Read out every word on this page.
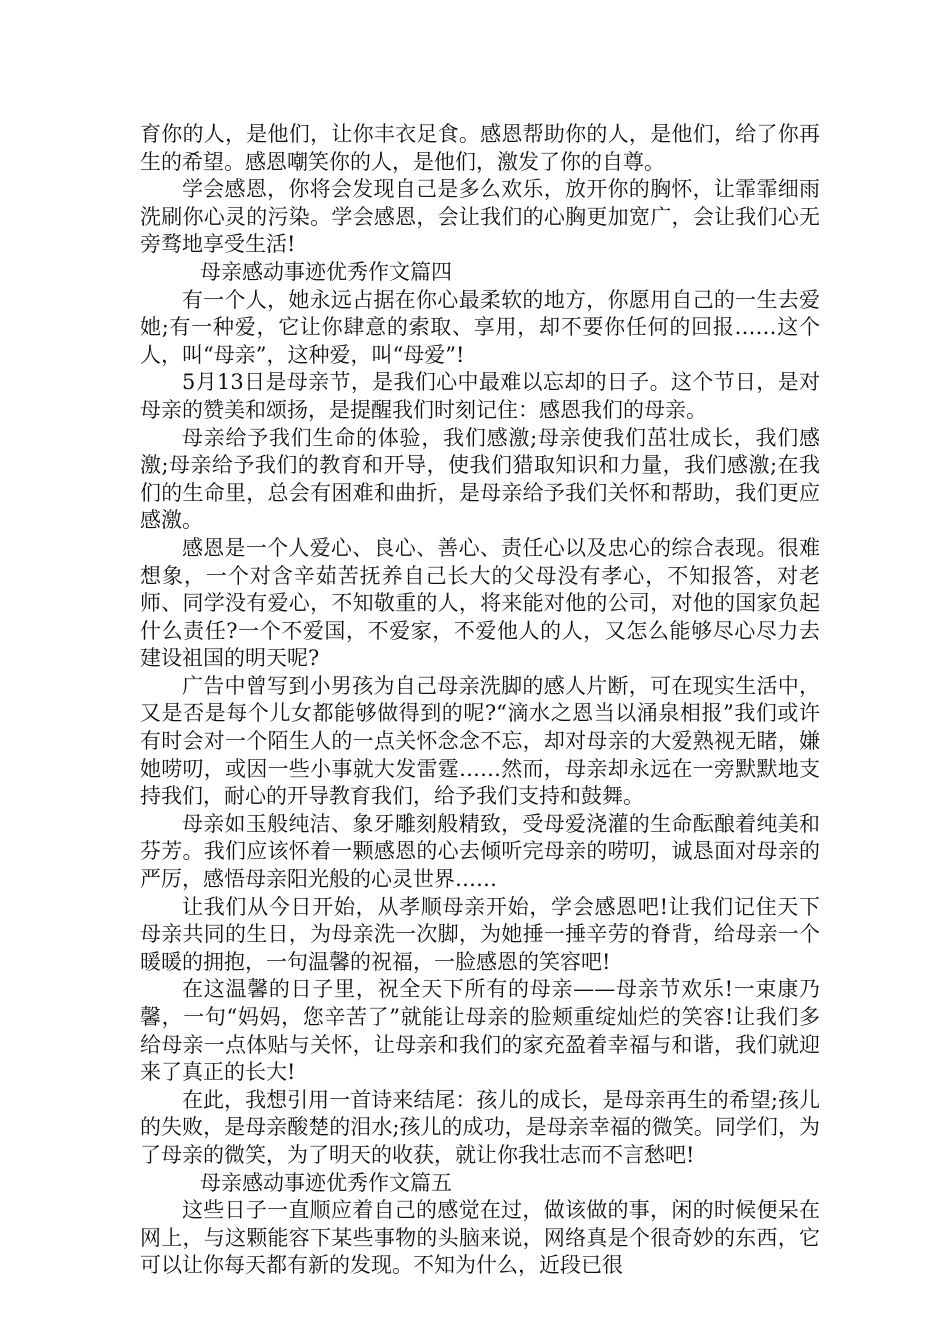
育你的人，是他们，让你丰衣足食。感恩帮助你的人，是他们，给了你再生的希望。感恩嘲笑你的人，是他们，激发了你的自尊。

学会感恩，你将会发现自己是多么欢乐，放开你的胸怀，让霏霏细雨洗刷你心灵的污染。学会感恩，会让我们的心胸更加宽广，会让我们心无旁骛地享受生活!

母亲感动事迹优秀作文篇四

有一个人，她永远占据在你心最柔软的地方，你愿用自己的一生去爱她;有一种爱，它让你肆意的索取、享用，却不要你任何的回报……这个人，叫“母亲”，这种爱，叫“母爱”!

5月13日是母亲节，是我们心中最难以忘却的日子。这个节日，是对母亲的赞美和颂扬，是提醒我们时刻记住：感恩我们的母亲。

母亲给予我们生命的体验，我们感激;母亲使我们茁壮成长，我们感激;母亲给予我们的教育和开导，使我们猎取知识和力量，我们感激;在我们的生命里，总会有困难和曲折，是母亲给予我们关怀和帮助，我们更应感激。

感恩是一个人爱心、良心、善心、责任心以及忠心的综合表现。很难想象，一个对含辛茹苦抚养自己长大的父母没有孝心，不知报答，对老师、同学没有爱心，不知敬重的人，将来能对他的公司，对他的国家负起什么责任?一个不爱国，不爱家，不爱他人的人，又怎么能够尽心尽力去建设祖国的明天呢?

广告中曾写到小男孩为自己母亲洗脚的感人片断，可在现实生活中，又是否是每个儿女都能够做得到的呢?“滴水之恩当以涌泉相报”我们或许有时会对一个陌生人的一点关怀念念不忘，却对母亲的大爱熟视无睹，嫌她唠叨，或因一些小事就大发雷霆……然而，母亲却永远在一旁默默地支持我们，耐心的开导教育我们，给予我们支持和鼓舞。

母亲如玉般纯洁、象牙雕刻般精致，受母爱浇灌的生命酝酿着纯美和芬芳。我们应该怀着一颗感恩的心去倾听完母亲的唠叨，诚恳面对母亲的严厉，感悟母亲阳光般的心灵世界……

让我们从今日开始，从孝顺母亲开始，学会感恩吧!让我们记住天下母亲共同的生日，为母亲洗一次脚，为她捶一捶辛劳的脊背，给母亲一个暖暖的拥抱，一句温馨的祝福，一脸感恩的笑容吧!

在这温馨的日子里，祝全天下所有的母亲——母亲节欢乐!一束康乃馨，一句“妈妈，您辛苦了”就能让母亲的脸颊重绽灿烂的笑容!让我们多给母亲一点体贴与关怀，让母亲和我们的家充盈着幸福与和谐，我们就迎来了真正的长大!

在此，我想引用一首诗来结尾：孩儿的成长，是母亲再生的希望;孩儿的失败，是母亲酸楚的泪水;孩儿的成功，是母亲幸福的微笑。同学们，为了母亲的微笑，为了明天的收获，就让你我壮志而不言愁吧!

母亲感动事迹优秀作文篇五

这些日子一直顺应着自己的感觉在过，做该做的事，闲的时候便呆在网上，与这颗能容下某些事物的头脑来说，网络真是个很奇妙的东西，它可以让你每天都有新的发现。不知为什么，近段已很
